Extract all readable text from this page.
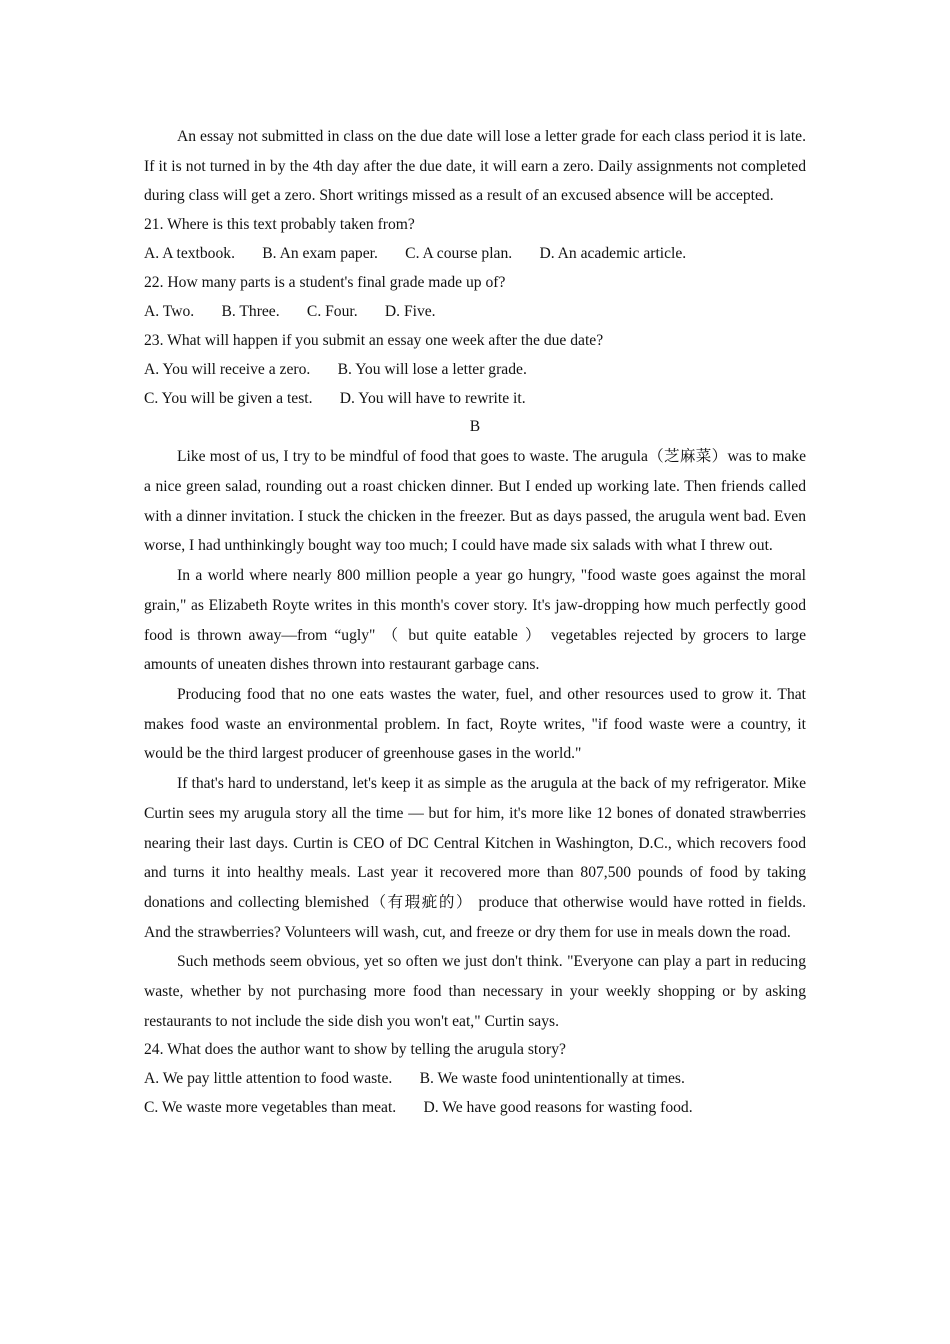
An essay not submitted in class on the due date will lose a letter grade for each class period it is late. If it is not turned in by the 4th day after the due date, it will earn a zero. Daily assignments not completed during class will get a zero. Short writings missed as a result of an excused absence will be accepted.

21. Where is this text probably taken from?

A. A textbook.       B. An exam paper.       C. A course plan.       D. An academic article.

22. How many parts is a student's final grade made up of?

A. Two.       B. Three.       C. Four.       D. Five.

23. What will happen if you submit an essay one week after the due date?

A. You will receive a zero.       B. You will lose a letter grade.

C. You will be given a test.       D. You will have to rewrite it.

B

Like most of us, I try to be mindful of food that goes to waste. The arugula（芝麻菜）was to make a nice green salad, rounding out a roast chicken dinner. But I ended up working late. Then friends called with a dinner invitation. I stuck the chicken in the freezer. But as days passed, the arugula went bad. Even worse, I had unthinkingly bought way too much; I could have made six salads with what I threw out.

In a world where nearly 800 million people a year go hungry, "food waste goes against the moral grain," as Elizabeth Royte writes in this month's cover story. It's jaw-dropping how much perfectly good food is thrown away—from “ugly" （ but quite eatable ） vegetables rejected by grocers to large amounts of uneaten dishes thrown into restaurant garbage cans.

Producing food that no one eats wastes the water, fuel, and other resources used to grow it. That makes food waste an environmental problem. In fact, Royte writes, "if food waste were a country, it would be the third largest producer of greenhouse gases in the world."

If that's hard to understand, let's keep it as simple as the arugula at the back of my refrigerator. Mike Curtin sees my arugula story all the time — but for him, it's more like 12 bones of donated strawberries nearing their last days. Curtin is CEO of DC Central Kitchen in Washington, D.C., which recovers food and turns it into healthy meals. Last year it recovered more than 807,500 pounds of food by taking donations and collecting blemished（有瑕疵的） produce that otherwise would have rotted in fields. And the strawberries? Volunteers will wash, cut, and freeze or dry them for use in meals down the road.

Such methods seem obvious, yet so often we just don't think. "Everyone can play a part in reducing waste, whether by not purchasing more food than necessary in your weekly shopping or by asking restaurants to not include the side dish you won't eat," Curtin says.

24. What does the author want to show by telling the arugula story?

A. We pay little attention to food waste.       B. We waste food unintentionally at times.

C. We waste more vegetables than meat.       D. We have good reasons for wasting food.
